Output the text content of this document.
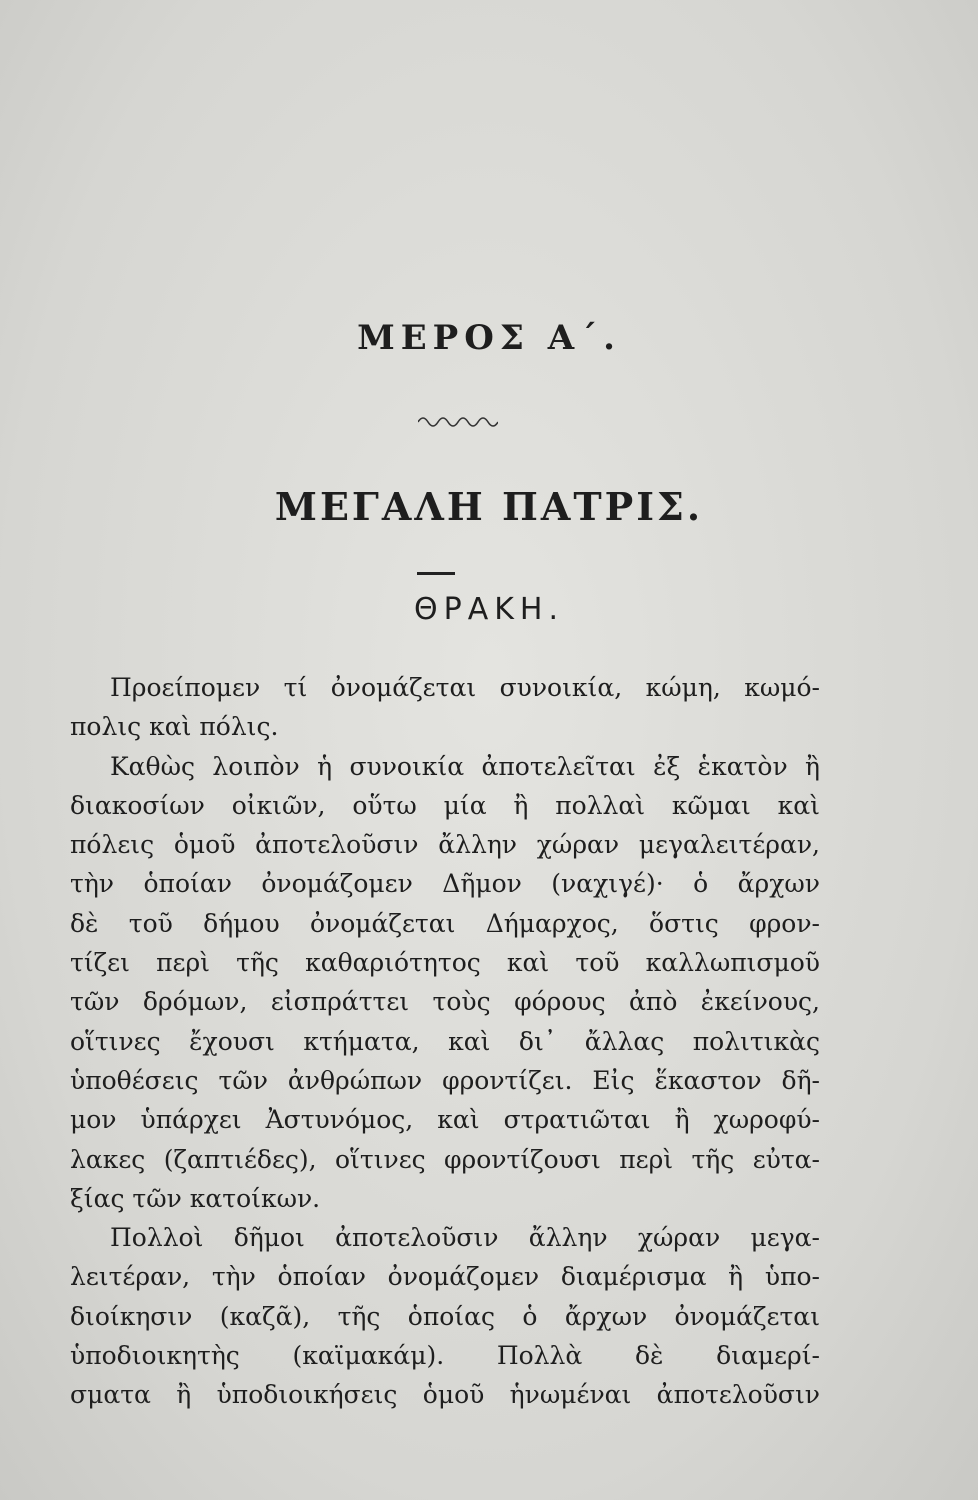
ΜΕΡΟΣ Α΄.
ΜΕΓΑΛΗ ΠΑΤΡΙΣ.
ΘΡΑΚΗ.
Προείπομεν τί ὀνομάζεται συνοικία, κώμη, κωμό-
πολις καὶ πόλις.
Καθὼς λοιπὸν ἡ συνοικία ἀποτελεῖται ἐξ ἑκατὸν ἢ
διακοσίων οἰκιῶν, οὕτω μία ἢ πολλαὶ κῶμαι καὶ
πόλεις ὁμοῦ ἀποτελοῦσιν ἄλλην χώραν μεγαλειτέραν,
τὴν ὁποίαν ὀνομάζομεν Δῆμον (ναχιγέ)· ὁ ἄρχων
δὲ τοῦ δήμου ὀνομάζεται Δήμαρχος, ὅστις φρον-
τίζει περὶ τῆς καθαριότητος καὶ τοῦ καλλωπισμοῦ
τῶν δρόμων, εἰσπράττει τοὺς φόρους ἀπὸ ἐκείνους,
οἵτινες ἔχουσι κτήματα, καὶ δι᾿ ἄλλας πολιτικὰς
ὑποθέσεις τῶν ἀνθρώπων φροντίζει. Εἰς ἕκαστον δῆ-
μον ὑπάρχει Ἀστυνόμος, καὶ στρατιῶται ἢ χωροφύ-
λακες (ζαπτιέδες), οἵτινες φροντίζουσι περὶ τῆς εὐτα-
ξίας τῶν κατοίκων.
Πολλοὶ δῆμοι ἀποτελοῦσιν ἄλλην χώραν μεγα-
λειτέραν, τὴν ὁποίαν ὀνομάζομεν διαμέρισμα ἢ ὑπο-
διοίκησιν (καζᾶ), τῆς ὁποίας ὁ ἄρχων ὀνομάζεται
ὑποδιοικητὴς (καϊμακάμ). Πολλὰ δὲ διαμερί-
σματα ἢ ὑποδιοικήσεις ὁμοῦ ἡνωμέναι ἀποτελοῦσιν
